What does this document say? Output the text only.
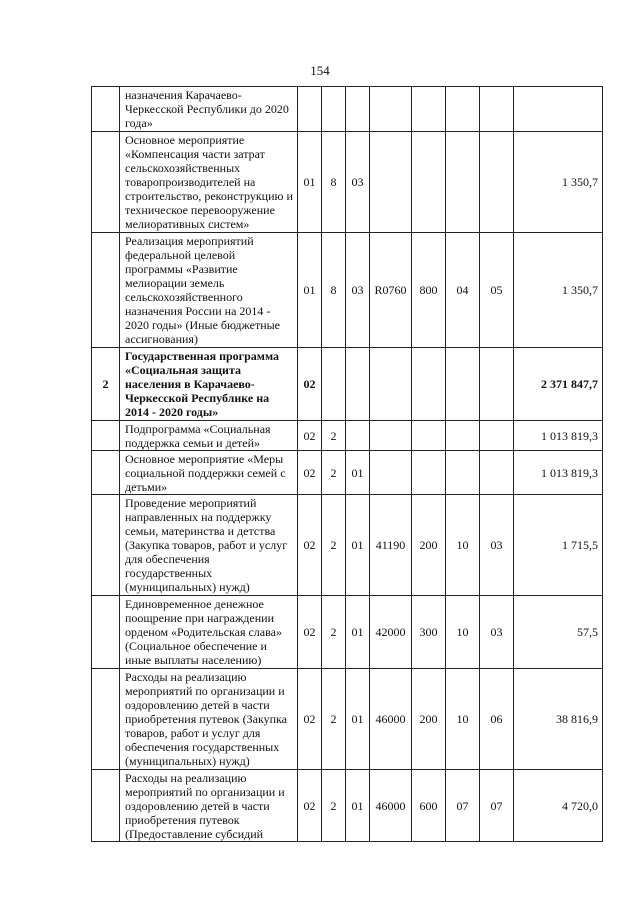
154
	назначения Карачаево-Черкесской Республики до 2020 года»								
	Основное мероприятие «Компенсация части затрат сельскохозяйственных товаропроизводителей на строительство, реконструкцию и техническое перевооружение мелиоративных систем»	01	8	03					1 350,7
	Реализация мероприятий федеральной целевой программы «Развитие мелиорации земель сельскохозяйственного назначения России на 2014 - 2020 годы» (Иные бюджетные ассигнования)	01	8	03	R0760	800	04	05	1 350,7
2	Государственная программа «Социальная защита населения в Карачаево-Черкесской Республике на 2014 - 2020 годы»	02							2 371 847,7
	Подпрограмма «Социальная поддержка семьи и детей»	02	2						1 013 819,3
	Основное мероприятие «Меры социальной поддержки семей с детьми»	02	2	01					1 013 819,3
	Проведение мероприятий направленных на поддержку семьи, материнства и детства (Закупка товаров, работ и услуг для обеспечения государственных (муниципальных) нужд)	02	2	01	41190	200	10	03	1 715,5
	Единовременное денежное поощрение при награждении орденом «Родительская слава» (Социальное обеспечение и иные выплаты населению)	02	2	01	42000	300	10	03	57,5
	Расходы на реализацию мероприятий по организации и оздоровлению детей в части приобретения путевок (Закупка товаров, работ и услуг для обеспечения государственных (муниципальных) нужд)	02	2	01	46000	200	10	06	38 816,9
	Расходы на реализацию мероприятий по организации и оздоровлению детей в части приобретения путевок (Предоставление субсидий	02	2	01	46000	600	07	07	4 720,0
